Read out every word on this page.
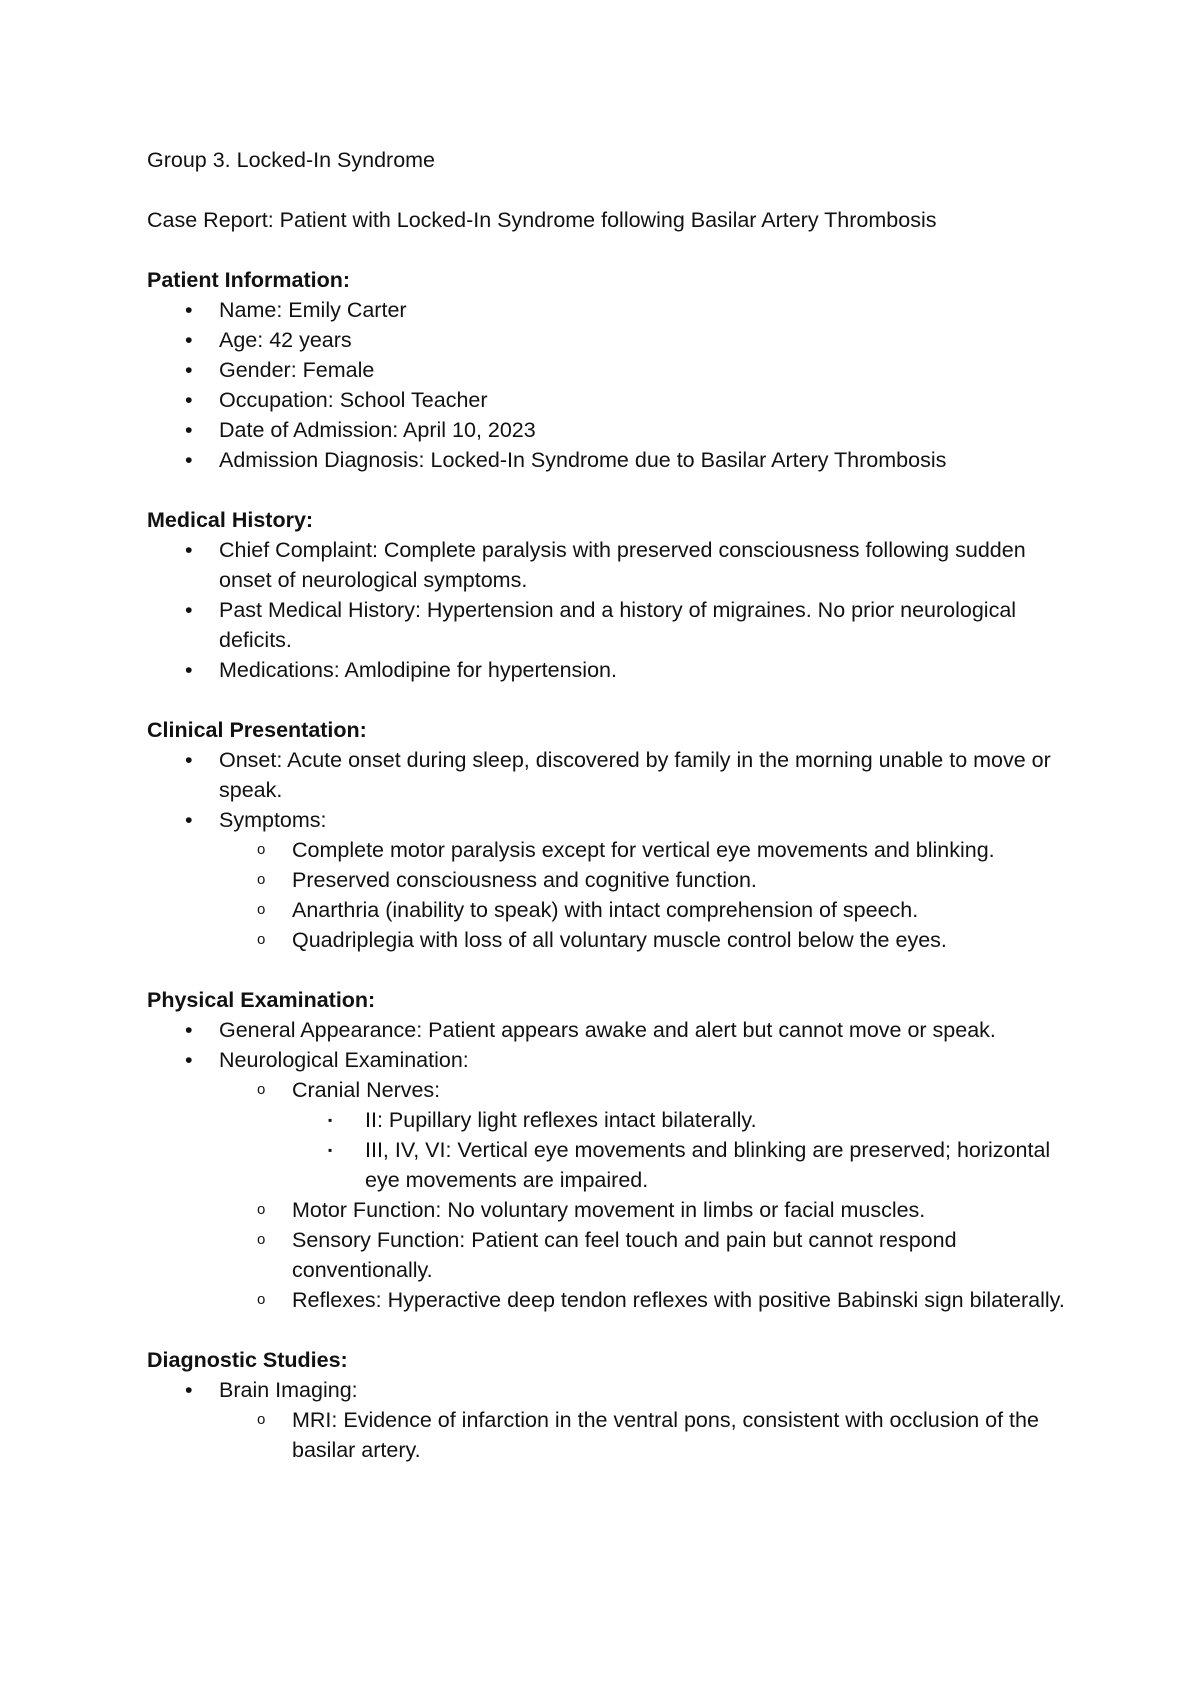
Group 3. Locked-In Syndrome

Case Report: Patient with Locked-In Syndrome following Basilar Artery Thrombosis

Patient Information:

• Name: Emily Carter
• Age: 42 years
• Gender: Female
• Occupation: School Teacher
• Date of Admission: April 10, 2023
• Admission Diagnosis: Locked-In Syndrome due to Basilar Artery Thrombosis

Medical History:

• Chief Complaint: Complete paralysis with preserved consciousness following sudden onset of neurological symptoms.
• Past Medical History: Hypertension and a history of migraines. No prior neurological deficits.
• Medications: Amlodipine for hypertension.

Clinical Presentation:

• Onset: Acute onset during sleep, discovered by family in the morning unable to move or speak.
• Symptoms:
o Complete motor paralysis except for vertical eye movements and blinking.
o Preserved consciousness and cognitive function.
o Anarthria (inability to speak) with intact comprehension of speech.
o Quadriplegia with loss of all voluntary muscle control below the eyes.

Physical Examination:

• General Appearance: Patient appears awake and alert but cannot move or speak.
• Neurological Examination:
o Cranial Nerves:
▪ II: Pupillary light reflexes intact bilaterally.
▪ III, IV, VI: Vertical eye movements and blinking are preserved; horizontal eye movements are impaired.
o Motor Function: No voluntary movement in limbs or facial muscles.
o Sensory Function: Patient can feel touch and pain but cannot respond conventionally.
o Reflexes: Hyperactive deep tendon reflexes with positive Babinski sign bilaterally.

Diagnostic Studies:

• Brain Imaging:
o MRI: Evidence of infarction in the ventral pons, consistent with occlusion of the basilar artery.
